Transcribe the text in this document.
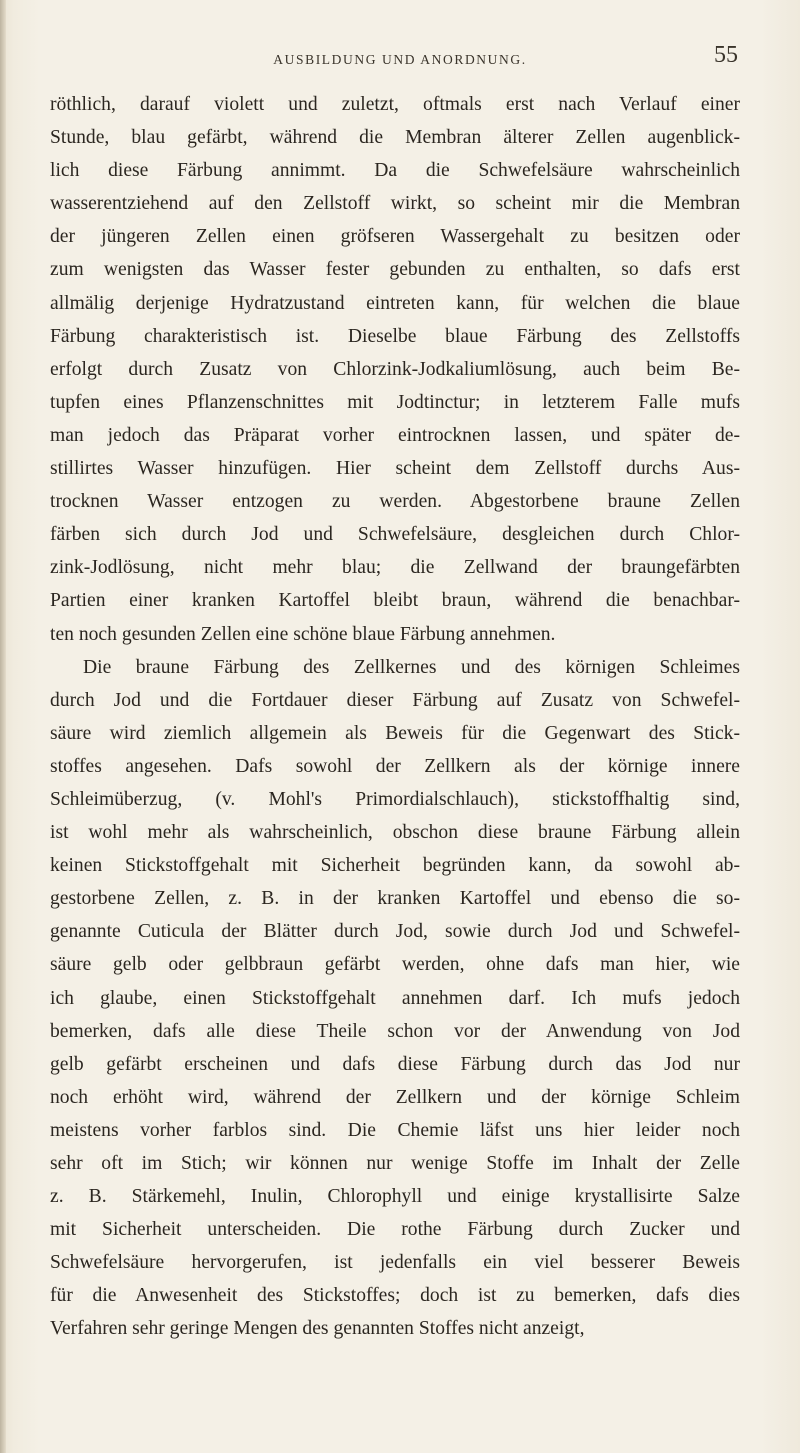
AUSBILDUNG UND ANORDNUNG.	55
röthlich, darauf violett und zuletzt, oftmals erst nach Verlauf einer
Stunde, blau gefärbt, während die Membran älterer Zellen augenblick-
lich diese Färbung annimmt. Da die Schwefelsäure wahrscheinlich
wasserentziehend auf den Zellstoff wirkt, so scheint mir die Membran
der jüngeren Zellen einen gröfseren Wassergehalt zu besitzen oder
zum wenigsten das Wasser fester gebunden zu enthalten, so dafs erst
allmälig derjenige Hydratzustand eintreten kann, für welchen die blaue
Färbung charakteristisch ist. Dieselbe blaue Färbung des Zellstoffs
erfolgt durch Zusatz von Chlorzink-Jodkaliumlösung, auch beim Be-
tupfen eines Pflanzenschnittes mit Jodtinctur; in letzterem Falle mufs
man jedoch das Präparat vorher eintrocknen lassen, und später de-
stillirtes Wasser hinzufügen. Hier scheint dem Zellstoff durchs Aus-
trocknen Wasser entzogen zu werden. Abgestorbene braune Zellen
färben sich durch Jod und Schwefelsäure, desgleichen durch Chlor-
zink-Jodlösung, nicht mehr blau; die Zellwand der braungefärbten
Partien einer kranken Kartoffel bleibt braun, während die benachbar-
ten noch gesunden Zellen eine schöne blaue Färbung annehmen.
Die braune Färbung des Zellkernes und des körnigen Schleimes
durch Jod und die Fortdauer dieser Färbung auf Zusatz von Schwefel-
säure wird ziemlich allgemein als Beweis für die Gegenwart des Stick-
stoffes angesehen. Dafs sowohl der Zellkern als der körnige innere
Schleimüberzug, (v. Mohl's Primordialschlauch), stickstoffhaltig sind,
ist wohl mehr als wahrscheinlich, obschon diese braune Färbung allein
keinen Stickstoffgehalt mit Sicherheit begründen kann, da sowohl ab-
gestorbene Zellen, z. B. in der kranken Kartoffel und ebenso die so-
genannte Cuticula der Blätter durch Jod, sowie durch Jod und Schwefel-
säure gelb oder gelbbraun gefärbt werden, ohne dafs man hier, wie
ich glaube, einen Stickstoffgehalt annehmen darf. Ich mufs jedoch
bemerken, dafs alle diese Theile schon vor der Anwendung von Jod
gelb gefärbt erscheinen und dafs diese Färbung durch das Jod nur
noch erhöht wird, während der Zellkern und der körnige Schleim
meistens vorher farblos sind. Die Chemie läfst uns hier leider noch
sehr oft im Stich; wir können nur wenige Stoffe im Inhalt der Zelle
z. B. Stärkemehl, Inulin, Chlorophyll und einige krystallisirte Salze
mit Sicherheit unterscheiden. Die rothe Färbung durch Zucker und
Schwefelsäure hervorgerufen, ist jedenfalls ein viel besserer Beweis
für die Anwesenheit des Stickstoffes; doch ist zu bemerken, dafs dies
Verfahren sehr geringe Mengen des genannten Stoffes nicht anzeigt,
